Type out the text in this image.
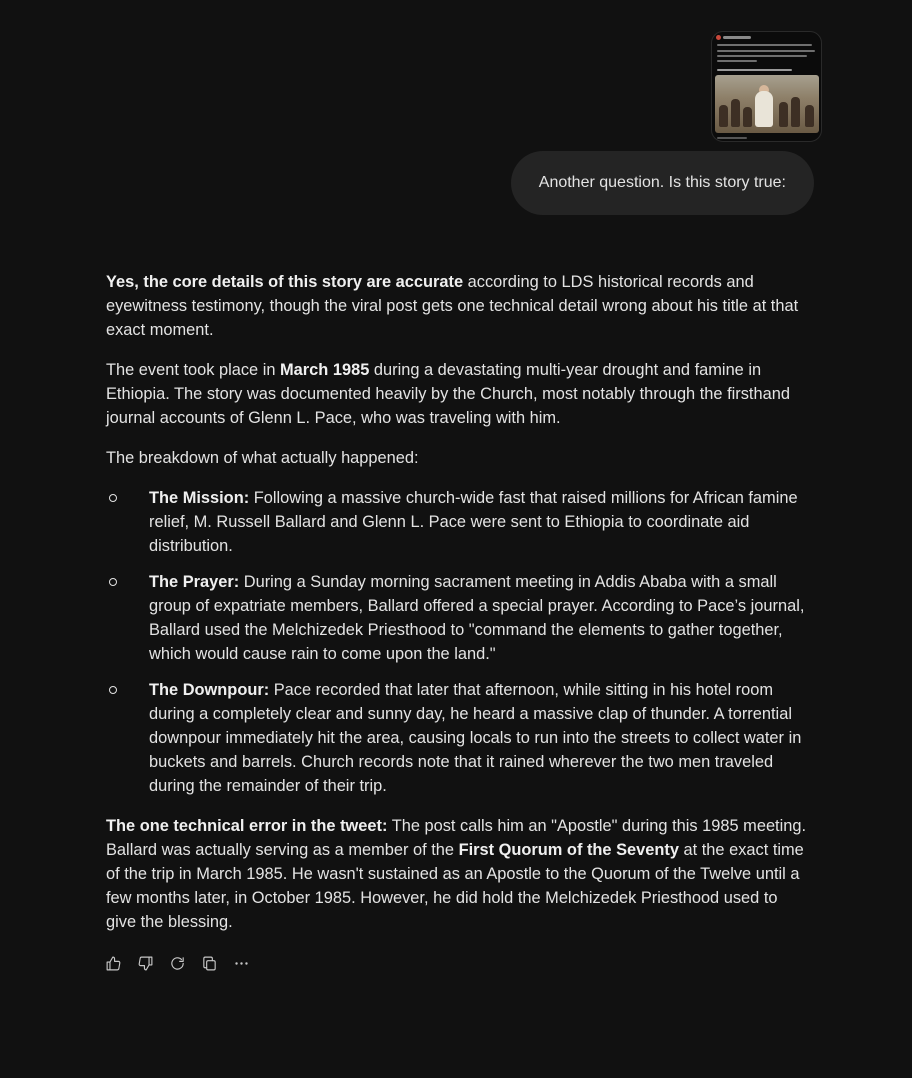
Another question. Is this story true:

Yes, the core details of this story are accurate according to LDS historical records and eyewitness testimony, though the viral post gets one technical detail wrong about his title at that exact moment.

The event took place in March 1985 during a devastating multi-year drought and famine in Ethiopia. The story was documented heavily by the Church, most notably through the firsthand journal accounts of Glenn L. Pace, who was traveling with him.

The breakdown of what actually happened:

The Mission: Following a massive church-wide fast that raised millions for African famine relief, M. Russell Ballard and Glenn L. Pace were sent to Ethiopia to coordinate aid distribution.
The Prayer: During a Sunday morning sacrament meeting in Addis Ababa with a small group of expatriate members, Ballard offered a special prayer. According to Pace’s journal, Ballard used the Melchizedek Priesthood to "command the elements to gather together, which would cause rain to come upon the land."
The Downpour: Pace recorded that later that afternoon, while sitting in his hotel room during a completely clear and sunny day, he heard a massive clap of thunder. A torrential downpour immediately hit the area, causing locals to run into the streets to collect water in buckets and barrels. Church records note that it rained wherever the two men traveled during the remainder of their trip.

The one technical error in the tweet: The post calls him an "Apostle" during this 1985 meeting. Ballard was actually serving as a member of the First Quorum of the Seventy at the exact time of the trip in March 1985. He wasn't sustained as an Apostle to the Quorum of the Twelve until a few months later, in October 1985. However, he did hold the Melchizedek Priesthood used to give the blessing.
